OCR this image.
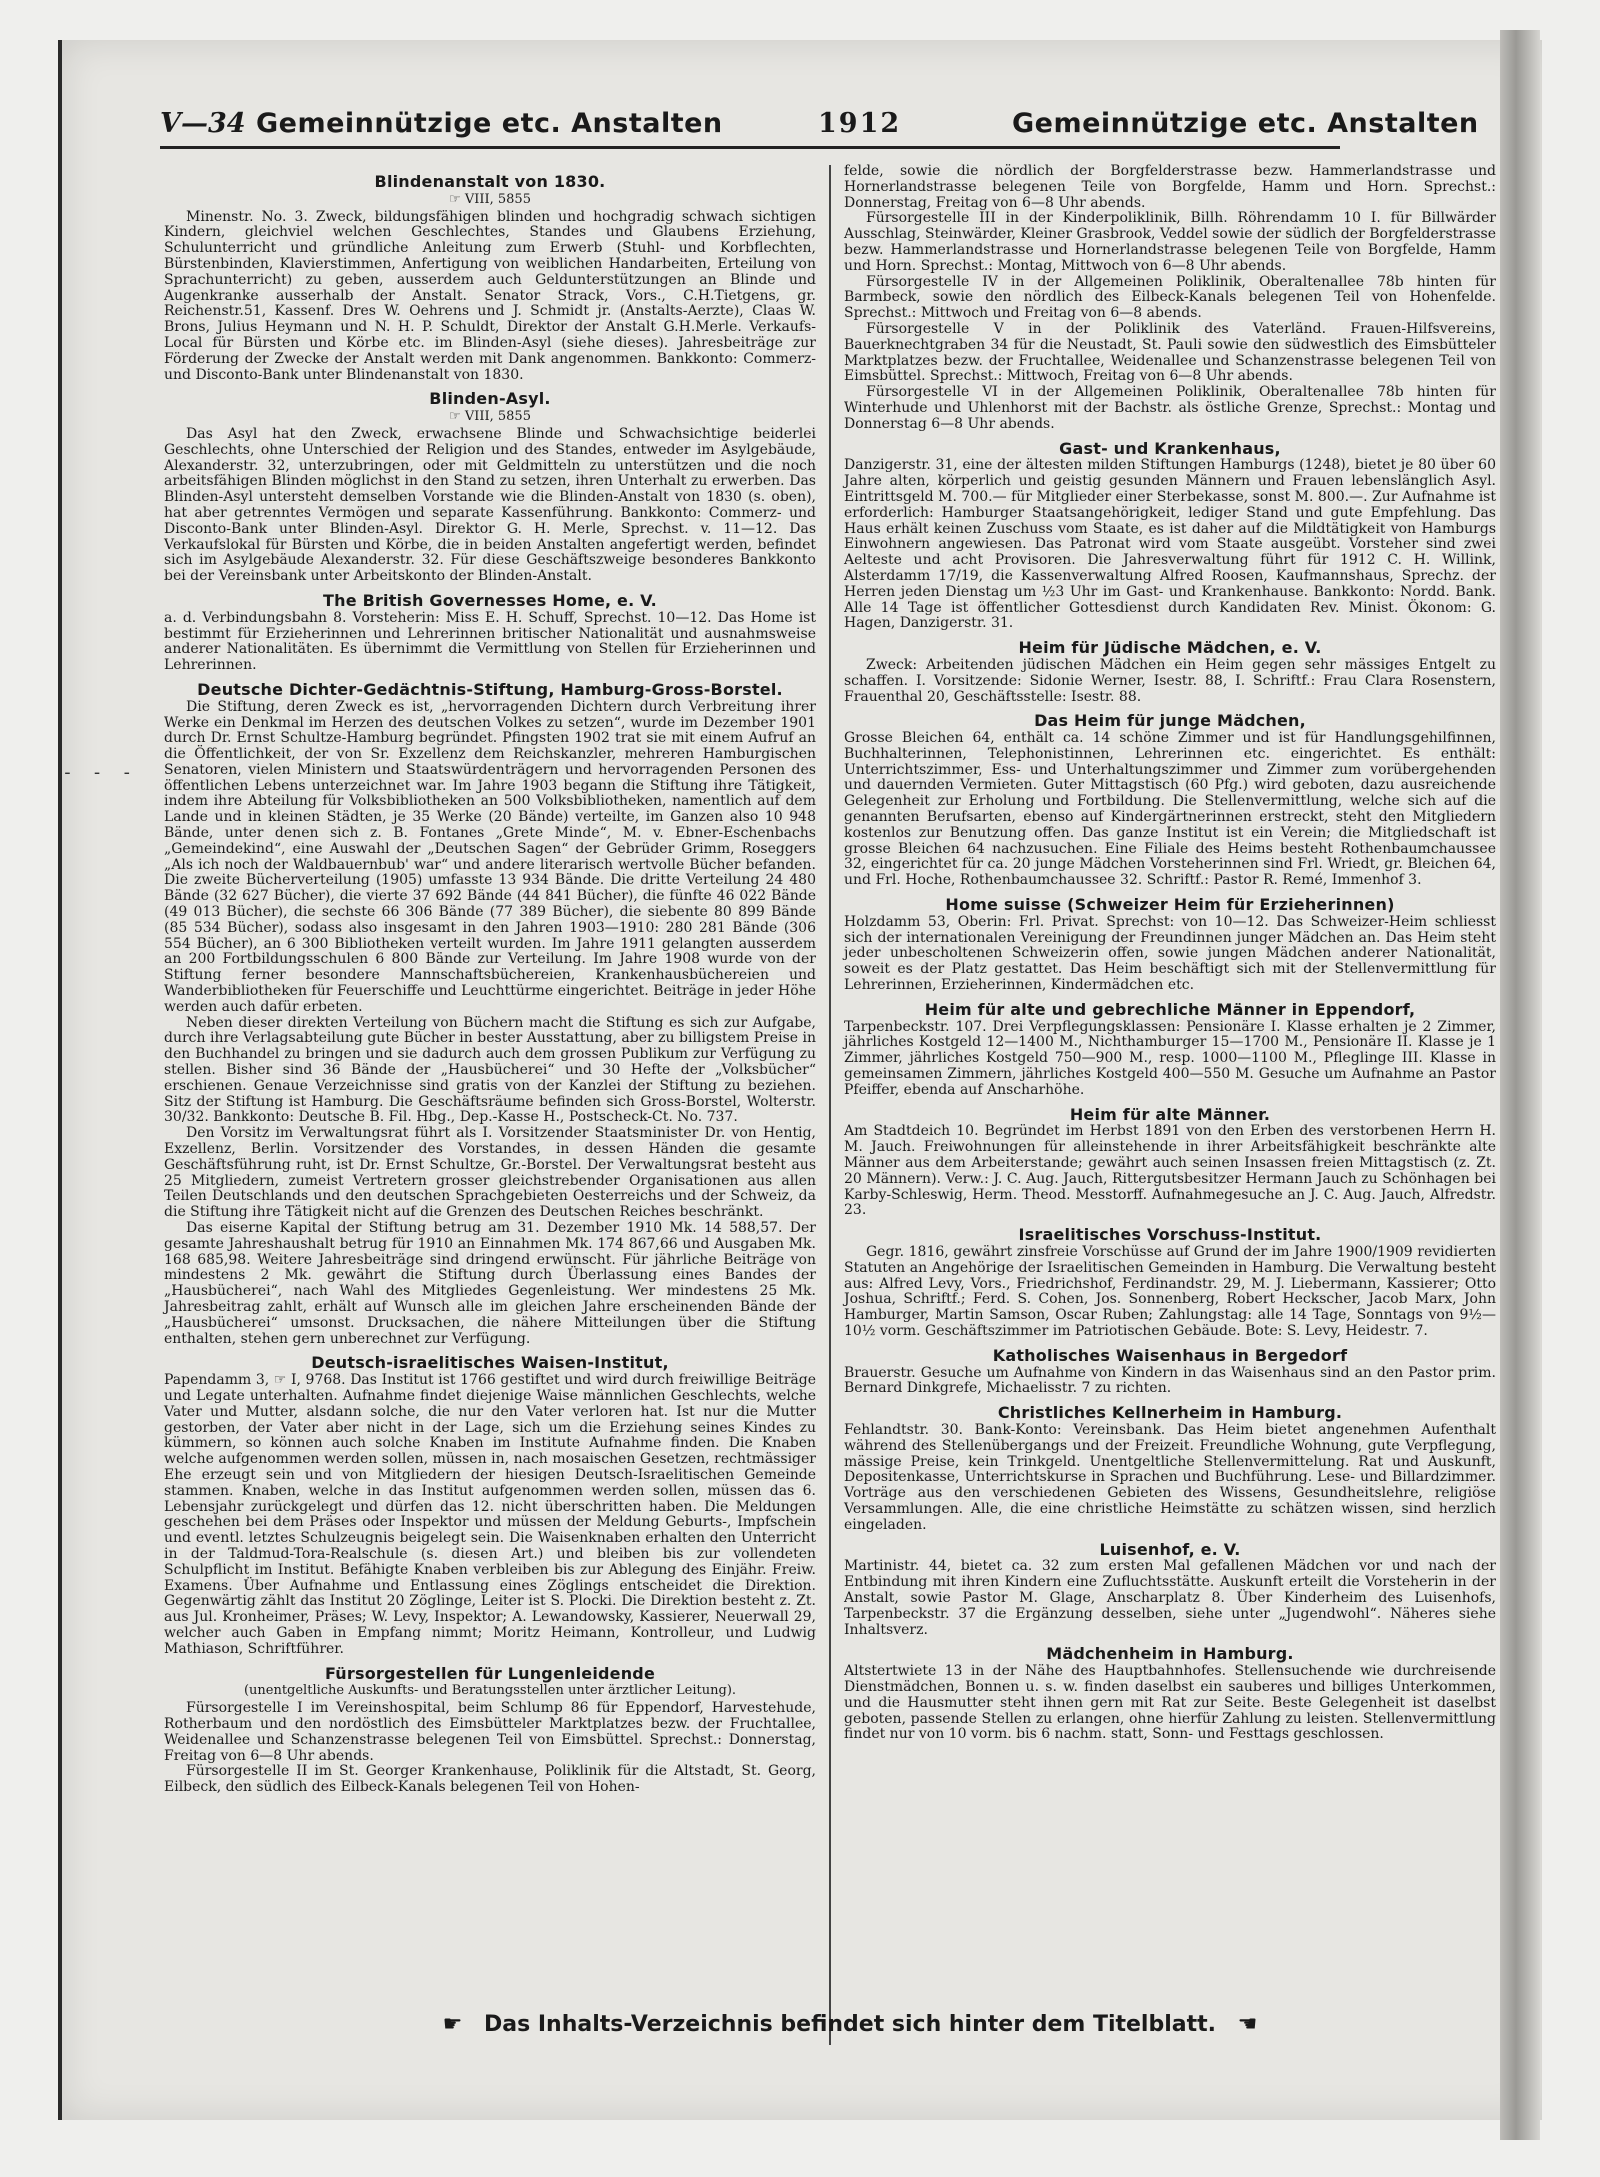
- - -
V—34 Gemeinnützige etc. Anstalten	1912	Gemeinnützige etc. Anstalten
Blindenanstalt von 1830.
☞ VIII, 5855

Minenstr. No. 3. Zweck, bildungsfähigen blinden und hochgradig schwach sichtigen Kindern, gleichviel welchen Geschlechtes, Standes und Glaubens Erziehung, Schulunterricht und gründliche Anleitung zum Erwerb (Stuhl- und Korbflechten, Bürstenbinden, Klavierstimmen, Anfertigung von weiblichen Handarbeiten, Erteilung von Sprachunterricht) zu geben, ausserdem auch Geldunterstützungen an Blinde und Augenkranke ausserhalb der Anstalt. Senator Strack, Vors., C.H.Tietgens, gr. Reichenstr.51, Kassenf. Dres W. Oehrens und J. Schmidt jr. (Anstalts-Aerzte), Claas W. Brons, Julius Heymann und N. H. P. Schuldt, Direktor der Anstalt G.H.Merle. Verkaufs-Local für Bürsten und Körbe etc. im Blinden-Asyl (siehe dieses). Jahresbeiträge zur Förderung der Zwecke der Anstalt werden mit Dank angenommen. Bankkonto: Commerz- und Disconto-Bank unter Blindenanstalt von 1830.

Blinden-Asyl.
☞ VIII, 5855

Das Asyl hat den Zweck, erwachsene Blinde und Schwachsichtige beiderlei Geschlechts, ohne Unterschied der Religion und des Standes, entweder im Asylgebäude, Alexanderstr. 32, unterzubringen, oder mit Geldmitteln zu unterstützen und die noch arbeitsfähigen Blinden möglichst in den Stand zu setzen, ihren Unterhalt zu erwerben. Das Blinden-Asyl untersteht demselben Vorstande wie die Blinden-Anstalt von 1830 (s. oben), hat aber getrenntes Vermögen und separate Kassenführung. Bankkonto: Commerz- und Disconto-Bank unter Blinden-Asyl. Direktor G. H. Merle, Sprechst. v. 11—12. Das Verkaufslokal für Bürsten und Körbe, die in beiden Anstalten angefertigt werden, befindet sich im Asylgebäude Alexanderstr. 32. Für diese Geschäftszweige besonderes Bankkonto bei der Vereinsbank unter Arbeitskonto der Blinden-Anstalt.

The British Governesses Home, e. V.

a. d. Verbindungsbahn 8. Vorsteherin: Miss E. H. Schuff, Sprechst. 10—12. Das Home ist bestimmt für Erzieherinnen und Lehrerinnen britischer Nationalität und ausnahmsweise anderer Nationalitäten. Es übernimmt die Vermittlung von Stellen für Erzieherinnen und Lehrerinnen.

Deutsche Dichter-Gedächtnis-Stiftung, Hamburg-Gross-Borstel.

Die Stiftung, deren Zweck es ist, „hervorragenden Dichtern durch Verbreitung ihrer Werke ein Denkmal im Herzen des deutschen Volkes zu setzen“, wurde im Dezember 1901 durch Dr. Ernst Schultze-Hamburg begründet. Pfingsten 1902 trat sie mit einem Aufruf an die Öffentlichkeit, der von Sr. Exzellenz dem Reichskanzler, mehreren Hamburgischen Senatoren, vielen Ministern und Staatswürdenträgern und hervorragenden Personen des öffentlichen Lebens unterzeichnet war. Im Jahre 1903 begann die Stiftung ihre Tätigkeit, indem ihre Abteilung für Volksbibliotheken an 500 Volksbibliotheken, namentlich auf dem Lande und in kleinen Städten, je 35 Werke (20 Bände) verteilte, im Ganzen also 10 948 Bände, unter denen sich z. B. Fontanes „Grete Minde“, M. v. Ebner-Eschenbachs „Gemeindekind“, eine Auswahl der „Deutschen Sagen“ der Gebrüder Grimm, Roseggers „Als ich noch der Waldbauernbub' war“ und andere literarisch wertvolle Bücher befanden. Die zweite Bücherverteilung (1905) umfasste 13 934 Bände. Die dritte Verteilung 24 480 Bände (32 627 Bücher), die vierte 37 692 Bände (44 841 Bücher), die fünfte 46 022 Bände (49 013 Bücher), die sechste 66 306 Bände (77 389 Bücher), die siebente 80 899 Bände (85 534 Bücher), sodass also insgesamt in den Jahren 1903—1910: 280 281 Bände (306 554 Bücher), an 6 300 Bibliotheken verteilt wurden. Im Jahre 1911 gelangten ausserdem an 200 Fortbildungsschulen 6 800 Bände zur Verteilung. Im Jahre 1908 wurde von der Stiftung ferner besondere Mannschaftsbüchereien, Krankenhausbüchereien und Wanderbibliotheken für Feuerschiffe und Leuchttürme eingerichtet. Beiträge in jeder Höhe werden auch dafür erbeten.

Neben dieser direkten Verteilung von Büchern macht die Stiftung es sich zur Aufgabe, durch ihre Verlagsabteilung gute Bücher in bester Ausstattung, aber zu billigstem Preise in den Buchhandel zu bringen und sie dadurch auch dem grossen Publikum zur Verfügung zu stellen. Bisher sind 36 Bände der „Hausbücherei“ und 30 Hefte der „Volksbücher“ erschienen. Genaue Verzeichnisse sind gratis von der Kanzlei der Stiftung zu beziehen. Sitz der Stiftung ist Hamburg. Die Geschäftsräume befinden sich Gross-Borstel, Wolterstr. 30/32. Bankkonto: Deutsche B. Fil. Hbg., Dep.-Kasse H., Postscheck-Ct. No. 737.

Den Vorsitz im Verwaltungsrat führt als I. Vorsitzender Staatsminister Dr. von Hentig, Exzellenz, Berlin. Vorsitzender des Vorstandes, in dessen Händen die gesamte Geschäftsführung ruht, ist Dr. Ernst Schultze, Gr.-Borstel. Der Verwaltungsrat besteht aus 25 Mitgliedern, zumeist Vertretern grosser gleichstrebender Organisationen aus allen Teilen Deutschlands und den deutschen Sprachgebieten Oesterreichs und der Schweiz, da die Stiftung ihre Tätigkeit nicht auf die Grenzen des Deutschen Reiches beschränkt.

Das eiserne Kapital der Stiftung betrug am 31. Dezember 1910 Mk. 14 588,57. Der gesamte Jahreshaushalt betrug für 1910 an Einnahmen Mk. 174 867,66 und Ausgaben Mk. 168 685,98. Weitere Jahresbeiträge sind dringend erwünscht. Für jährliche Beiträge von mindestens 2 Mk. gewährt die Stiftung durch Überlassung eines Bandes der „Hausbücherei“, nach Wahl des Mitgliedes Gegenleistung. Wer mindestens 25 Mk. Jahresbeitrag zahlt, erhält auf Wunsch alle im gleichen Jahre erscheinenden Bände der „Hausbücherei“ umsonst. Drucksachen, die nähere Mitteilungen über die Stiftung enthalten, stehen gern unberechnet zur Verfügung.

Deutsch-israelitisches Waisen-Institut,

Papendamm 3, ☞ I, 9768. Das Institut ist 1766 gestiftet und wird durch freiwillige Beiträge und Legate unterhalten. Aufnahme findet diejenige Waise männlichen Geschlechts, welche Vater und Mutter, alsdann solche, die nur den Vater verloren hat. Ist nur die Mutter gestorben, der Vater aber nicht in der Lage, sich um die Erziehung seines Kindes zu kümmern, so können auch solche Knaben im Institute Aufnahme finden. Die Knaben welche aufgenommen werden sollen, müssen in, nach mosaischen Gesetzen, rechtmässiger Ehe erzeugt sein und von Mitgliedern der hiesigen Deutsch-Israelitischen Gemeinde stammen. Knaben, welche in das Institut aufgenommen werden sollen, müssen das 6. Lebensjahr zurückgelegt und dürfen das 12. nicht überschritten haben. Die Meldungen geschehen bei dem Präses oder Inspektor und müssen der Meldung Geburts-, Impfschein und eventl. letztes Schulzeugnis beigelegt sein. Die Waisenknaben erhalten den Unterricht in der Taldmud-Tora-Realschule (s. diesen Art.) und bleiben bis zur vollendeten Schulpflicht im Institut. Befähigte Knaben verbleiben bis zur Ablegung des Einjähr. Freiw. Examens. Über Aufnahme und Entlassung eines Zöglings entscheidet die Direktion. Gegenwärtig zählt das Institut 20 Zöglinge, Leiter ist S. Plocki. Die Direktion besteht z. Zt. aus Jul. Kronheimer, Präses; W. Levy, Inspektor; A. Lewandowsky, Kassierer, Neuerwall 29, welcher auch Gaben in Empfang nimmt; Moritz Heimann, Kontrolleur, und Ludwig Mathiason, Schriftführer.

Fürsorgestellen für Lungenleidende
(unentgeltliche Auskunfts- und Beratungsstellen unter ärztlicher Leitung).

Fürsorgestelle I im Vereinshospital, beim Schlump 86 für Eppendorf, Harvestehude, Rotherbaum und den nordöstlich des Eimsbütteler Marktplatzes bezw. der Fruchtallee, Weidenallee und Schanzenstrasse belegenen Teil von Eimsbüttel. Sprechst.: Donnerstag, Freitag von 6—8 Uhr abends.

Fürsorgestelle II im St. Georger Krankenhause, Poliklinik für die Altstadt, St. Georg, Eilbeck, den südlich des Eilbeck-Kanals belegenen Teil von Hohen-

felde, sowie die nördlich der Borgfelderstrasse bezw. Hammerlandstrasse und Hornerlandstrasse belegenen Teile von Borgfelde, Hamm und Horn. Sprechst.: Donnerstag, Freitag von 6—8 Uhr abends.

Fürsorgestelle III in der Kinderpoliklinik, Billh. Röhrendamm 10 I. für Billwärder Ausschlag, Steinwärder, Kleiner Grasbrook, Veddel sowie der südlich der Borgfelderstrasse bezw. Hammerlandstrasse und Hornerlandstrasse belegenen Teile von Borgfelde, Hamm und Horn. Sprechst.: Montag, Mittwoch von 6—8 Uhr abends.

Fürsorgestelle IV in der Allgemeinen Poliklinik, Oberaltenallee 78b hinten für Barmbeck, sowie den nördlich des Eilbeck-Kanals belegenen Teil von Hohenfelde. Sprechst.: Mittwoch und Freitag von 6—8 abends.

Fürsorgestelle V in der Poliklinik des Vaterländ. Frauen-Hilfsvereins, Bauerknechtgraben 34 für die Neustadt, St. Pauli sowie den südwestlich des Eimsbütteler Marktplatzes bezw. der Fruchtallee, Weidenallee und Schanzenstrasse belegenen Teil von Eimsbüttel. Sprechst.: Mittwoch, Freitag von 6—8 Uhr abends.

Fürsorgestelle VI in der Allgemeinen Poliklinik, Oberaltenallee 78b hinten für Winterhude und Uhlenhorst mit der Bachstr. als östliche Grenze, Sprechst.: Montag und Donnerstag 6—8 Uhr abends.

Gast- und Krankenhaus,

Danzigerstr. 31, eine der ältesten milden Stiftungen Hamburgs (1248), bietet je 80 über 60 Jahre alten, körperlich und geistig gesunden Männern und Frauen lebenslänglich Asyl. Eintrittsgeld M. 700.— für Mitglieder einer Sterbekasse, sonst M. 800.—. Zur Aufnahme ist erforderlich: Hamburger Staatsangehörigkeit, lediger Stand und gute Empfehlung. Das Haus erhält keinen Zuschuss vom Staate, es ist daher auf die Mildtätigkeit von Hamburgs Einwohnern angewiesen. Das Patronat wird vom Staate ausgeübt. Vorsteher sind zwei Aelteste und acht Provisoren. Die Jahresverwaltung führt für 1912 C. H. Willink, Alsterdamm 17/19, die Kassenverwaltung Alfred Roosen, Kaufmannshaus, Sprechz. der Herren jeden Dienstag um ½3 Uhr im Gast- und Krankenhause. Bankkonto: Nordd. Bank. Alle 14 Tage ist öffentlicher Gottesdienst durch Kandidaten Rev. Minist. Ökonom: G. Hagen, Danzigerstr. 31.

Heim für Jüdische Mädchen, e. V.

Zweck: Arbeitenden jüdischen Mädchen ein Heim gegen sehr mässiges Entgelt zu schaffen. I. Vorsitzende: Sidonie Werner, Isestr. 88, I. Schriftf.: Frau Clara Rosenstern, Frauenthal 20, Geschäftsstelle: Isestr. 88.

Das Heim für junge Mädchen,

Grosse Bleichen 64, enthält ca. 14 schöne Zimmer und ist für Handlungsgehilfinnen, Buchhalterinnen, Telephonistinnen, Lehrerinnen etc. eingerichtet. Es enthält: Unterrichtszimmer, Ess- und Unterhaltungszimmer und Zimmer zum vorübergehenden und dauernden Vermieten. Guter Mittagstisch (60 Pfg.) wird geboten, dazu ausreichende Gelegenheit zur Erholung und Fortbildung. Die Stellenvermittlung, welche sich auf die genannten Berufsarten, ebenso auf Kindergärtnerinnen erstreckt, steht den Mitgliedern kostenlos zur Benutzung offen. Das ganze Institut ist ein Verein; die Mitgliedschaft ist grosse Bleichen 64 nachzusuchen. Eine Filiale des Heims besteht Rothenbaumchaussee 32, eingerichtet für ca. 20 junge Mädchen Vorsteherinnen sind Frl. Wriedt, gr. Bleichen 64, und Frl. Hoche, Rothenbaumchaussee 32. Schriftf.: Pastor R. Remé, Immenhof 3.

Home suisse (Schweizer Heim für Erzieherinnen)

Holzdamm 53, Oberin: Frl. Privat. Sprechst: von 10—12. Das Schweizer-Heim schliesst sich der internationalen Vereinigung der Freundinnen junger Mädchen an. Das Heim steht jeder unbescholtenen Schweizerin offen, sowie jungen Mädchen anderer Nationalität, soweit es der Platz gestattet. Das Heim beschäftigt sich mit der Stellenvermittlung für Lehrerinnen, Erzieherinnen, Kindermädchen etc.

Heim für alte und gebrechliche Männer in Eppendorf,

Tarpenbeckstr. 107. Drei Verpflegungsklassen: Pensionäre I. Klasse erhalten je 2 Zimmer, jährliches Kostgeld 12—1400 M., Nichthamburger 15—1700 M., Pensionäre II. Klasse je 1 Zimmer, jährliches Kostgeld 750—900 M., resp. 1000—1100 M., Pfleglinge III. Klasse in gemeinsamen Zimmern, jährliches Kostgeld 400—550 M. Gesuche um Aufnahme an Pastor Pfeiffer, ebenda auf Anscharhöhe.

Heim für alte Männer.

Am Stadtdeich 10. Begründet im Herbst 1891 von den Erben des verstorbenen Herrn H. M. Jauch. Freiwohnungen für alleinstehende in ihrer Arbeitsfähigkeit beschränkte alte Männer aus dem Arbeiterstande; gewährt auch seinen Insassen freien Mittagstisch (z. Zt. 20 Männern). Verw.: J. C. Aug. Jauch, Rittergutsbesitzer Hermann Jauch zu Schönhagen bei Karby-Schleswig, Herm. Theod. Messtorff. Aufnahmegesuche an J. C. Aug. Jauch, Alfredstr. 23.

Israelitisches Vorschuss-Institut.

Gegr. 1816, gewährt zinsfreie Vorschüsse auf Grund der im Jahre 1900/1909 revidierten Statuten an Angehörige der Israelitischen Gemeinden in Hamburg. Die Verwaltung besteht aus: Alfred Levy, Vors., Friedrichshof, Ferdinandstr. 29, M. J. Liebermann, Kassierer; Otto Joshua, Schriftf.; Ferd. S. Cohen, Jos. Sonnenberg, Robert Heckscher, Jacob Marx, John Hamburger, Martin Samson, Oscar Ruben; Zahlungstag: alle 14 Tage, Sonntags von 9½—10½ vorm. Geschäftszimmer im Patriotischen Gebäude. Bote: S. Levy, Heidestr. 7.

Katholisches Waisenhaus in Bergedorf

Brauerstr. Gesuche um Aufnahme von Kindern in das Waisenhaus sind an den Pastor prim. Bernard Dinkgrefe, Michaelisstr. 7 zu richten.

Christliches Kellnerheim in Hamburg.

Fehlandtstr. 30. Bank-Konto: Vereinsbank. Das Heim bietet angenehmen Aufenthalt während des Stellenübergangs und der Freizeit. Freundliche Wohnung, gute Verpflegung, mässige Preise, kein Trinkgeld. Unentgeltliche Stellenvermittelung. Rat und Auskunft, Depositenkasse, Unterrichtskurse in Sprachen und Buchführung. Lese- und Billardzimmer. Vorträge aus den verschiedenen Gebieten des Wissens, Gesundheitslehre, religiöse Versammlungen. Alle, die eine christliche Heimstätte zu schätzen wissen, sind herzlich eingeladen.

Luisenhof, e. V.

Martinistr. 44, bietet ca. 32 zum ersten Mal gefallenen Mädchen vor und nach der Entbindung mit ihren Kindern eine Zufluchtsstätte. Auskunft erteilt die Vorsteherin in der Anstalt, sowie Pastor M. Glage, Anscharplatz 8. Über Kinderheim des Luisenhofs, Tarpenbeckstr. 37 die Ergänzung desselben, siehe unter „Jugendwohl“. Näheres siehe Inhaltsverz.

Mädchenheim in Hamburg.

Altstertwiete 13 in der Nähe des Hauptbahnhofes. Stellensuchende wie durchreisende Dienstmädchen, Bonnen u. s. w. finden daselbst ein sauberes und billiges Unterkommen, und die Hausmutter steht ihnen gern mit Rat zur Seite. Beste Gelegenheit ist daselbst geboten, passende Stellen zu erlangen, ohne hierfür Zahlung zu leisten. Stellenvermittlung findet nur von 10 vorm. bis 6 nachm. statt, Sonn- und Festtags geschlossen.

☛ Das Inhalts-Verzeichnis befindet sich hinter dem Titelblatt. ☚
